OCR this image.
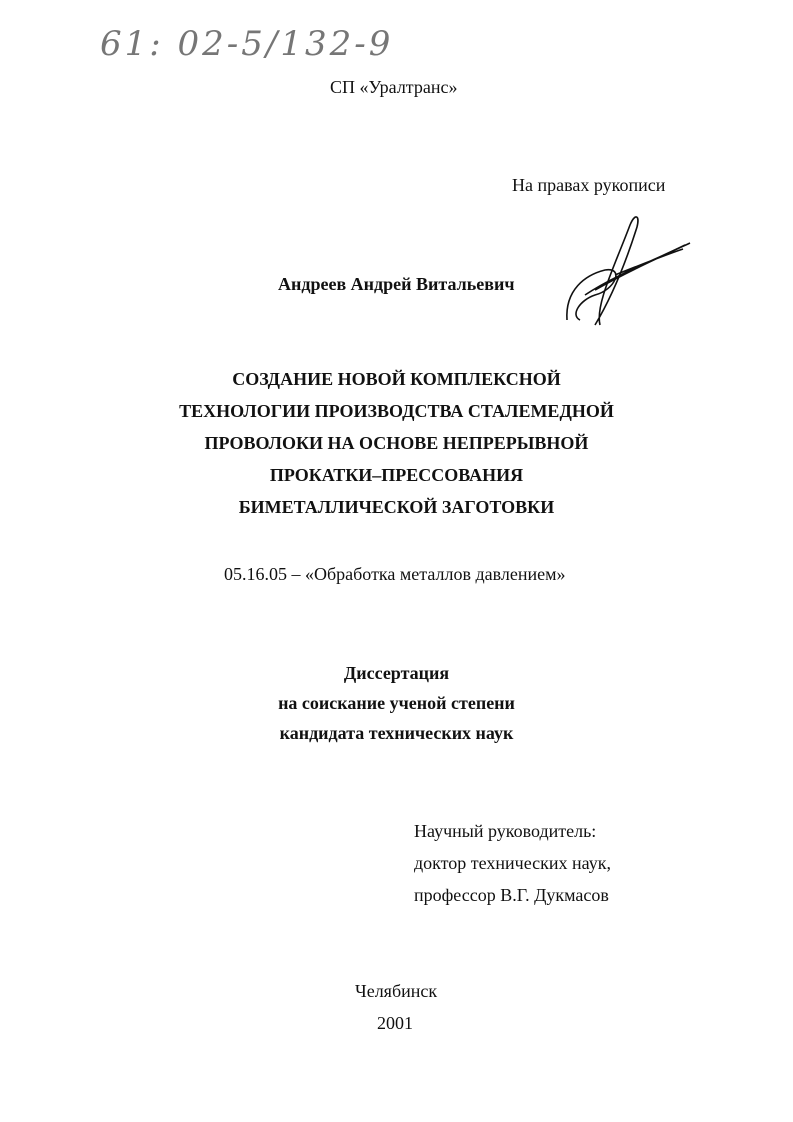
61: 02-5/132-9
СП «Уралтранс»
На правах рукописи
Андреев Андрей Витальевич
СОЗДАНИЕ НОВОЙ КОМПЛЕКСНОЙ
ТЕХНОЛОГИИ ПРОИЗВОДСТВА СТАЛЕМЕДНОЙ
ПРОВОЛОКИ НА ОСНОВЕ НЕПРЕРЫВНОЙ
ПРОКАТКИ–ПРЕССОВАНИЯ
БИМЕТАЛЛИЧЕСКОЙ ЗАГОТОВКИ
05.16.05 – «Обработка металлов давлением»
Диссертация
на соискание ученой степени
кандидата технических наук
Научный руководитель:
доктор технических наук,
профессор В.Г. Дукмасов
Челябинск
2001
